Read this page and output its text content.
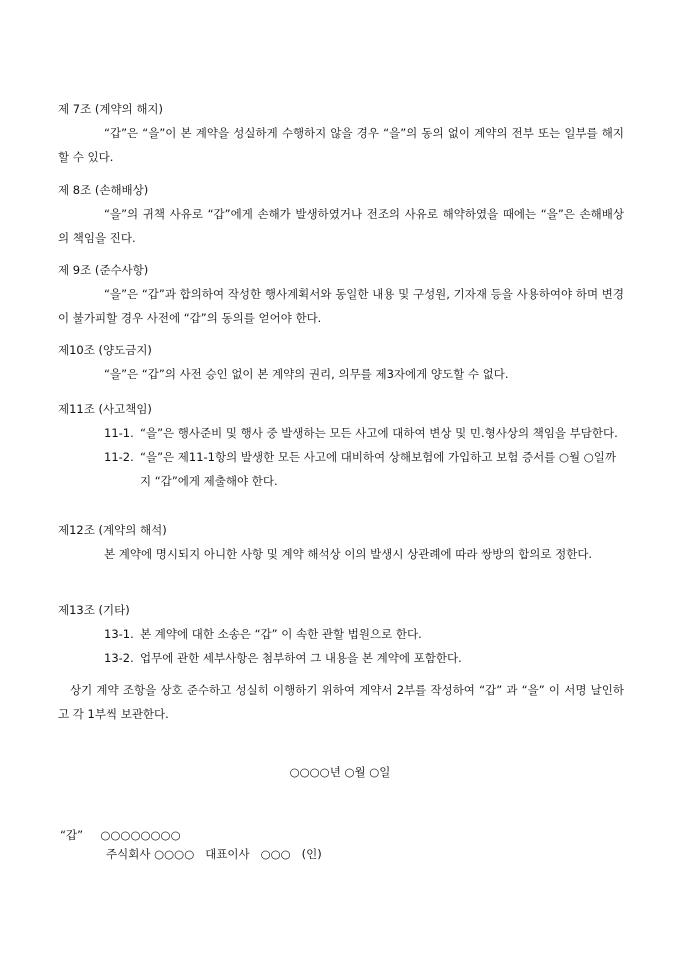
제 7조 (계약의 해지)
“갑”은 “을”이 본 계약을 성실하게 수행하지 않을 경우 “을”의 동의 없이 계약의 전부 또는 일부를 해지할 수 있다.
제 8조 (손해배상)
“을”의 귀책 사유로 “갑”에게 손해가 발생하였거나 전조의 사유로 해약하였을 때에는 “을”은 손해배상의 책임을 진다.
제 9조 (준수사항)
“을”은 “갑”과 합의하여 작성한 행사계획서와 동일한 내용 및 구성원, 기자재 등을 사용하여야 하며 변경이 불가피할 경우 사전에 “갑”의 동의를 얻어야 한다.
제10조 (양도금지)
“을”은 “갑”의 사전 승인 없이 본 계약의 권리, 의무를 제3자에게 양도할 수 없다.
제11조 (사고책임)
11-1. “을”은 행사준비 및 행사 중 발생하는 모든 사고에 대하여 변상 및 민.형사상의 책임을 부담한다.
11-2. “을”은 제11-1항의 발생한 모든 사고에 대비하여 상해보험에 가입하고 보험 증서를 ○월 ○일까지 “갑”에게 제출해야 한다.
제12조 (계약의 해석)
본 계약에 명시되지 아니한 사항 및 계약 해석상 이의 발생시 상관례에 따라 쌍방의 합의로 정한다.
제13조 (기타)
13-1. 본 계약에 대한 소송은 “갑” 이 속한 관할 법원으로 한다.
13-2. 업무에 관한 세부사항은 첨부하여 그 내용을 본 계약에 포함한다.
상기 계약 조항을 상호 준수하고 성실히 이행하기 위하여 계약서 2부를 작성하여 “갑” 과 “을” 이 서명 날인하고 각 1부씩 보관한다.
○○○○년 ○월 ○일
“갑” ○○○○○○○○
주식회사 ○○○○   대표이사   ○○○   (인)
